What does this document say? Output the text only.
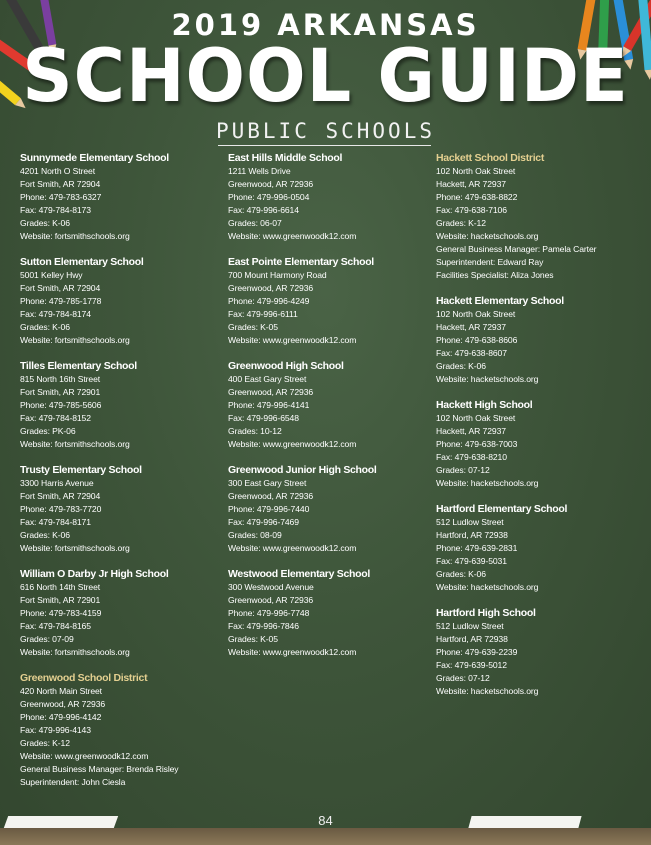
2019 ARKANSAS
SCHOOL GUIDE
PUBLIC SCHOOLS
Sunnymede Elementary School
4201 North O Street
Fort Smith, AR 72904
Phone: 479-783-6327
Fax: 479-784-8173
Grades: K-06
Website: fortsmithschools.org
Sutton Elementary School
5001 Kelley Hwy
Fort Smith, AR 72904
Phone: 479-785-1778
Fax: 479-784-8174
Grades: K-06
Website: fortsmithschools.org
Tilles Elementary School
815 North 16th Street
Fort Smith, AR 72901
Phone: 479-785-5606
Fax: 479-784-8152
Grades: PK-06
Website: fortsmithschools.org
Trusty Elementary School
3300 Harris Avenue
Fort Smith, AR 72904
Phone: 479-783-7720
Fax: 479-784-8171
Grades: K-06
Website: fortsmithschools.org
William O Darby Jr High School
616 North 14th Street
Fort Smith, AR 72901
Phone: 479-783-4159
Fax: 479-784-8165
Grades: 07-09
Website: fortsmithschools.org
Greenwood School District
420 North Main Street
Greenwood, AR 72936
Phone: 479-996-4142
Fax: 479-996-4143
Grades: K-12
Website: www.greenwoodk12.com
General Business Manager: Brenda Risley
Superintendent: John Ciesla
East Hills Middle School
1211 Wells Drive
Greenwood, AR 72936
Phone: 479-996-0504
Fax: 479-996-6614
Grades: 06-07
Website: www.greenwoodk12.com
East Pointe Elementary School
700 Mount Harmony Road
Greenwood, AR 72936
Phone: 479-996-4249
Fax: 479-996-6111
Grades: K-05
Website: www.greenwoodk12.com
Greenwood High School
400 East Gary Street
Greenwood, AR 72936
Phone: 479-996-4141
Fax: 479-996-6548
Grades: 10-12
Website: www.greenwoodk12.com
Greenwood Junior High School
300 East Gary Street
Greenwood, AR 72936
Phone: 479-996-7440
Fax: 479-996-7469
Grades: 08-09
Website: www.greenwoodk12.com
Westwood Elementary School
300 Westwood Avenue
Greenwood, AR 72936
Phone: 479-996-7748
Fax: 479-996-7846
Grades: K-05
Website: www.greenwoodk12.com
Hackett School District
102 North Oak Street
Hackett, AR 72937
Phone: 479-638-8822
Fax: 479-638-7106
Grades: K-12
Website: hacketschools.org
General Business Manager: Pamela Carter
Superintendent: Edward Ray
Facilities Specialist: Aliza Jones
Hackett Elementary School
102 North Oak Street
Hackett, AR 72937
Phone: 479-638-8606
Fax: 479-638-8607
Grades: K-06
Website: hacketschools.org
Hackett High School
102 North Oak Street
Hackett, AR 72937
Phone: 479-638-7003
Fax: 479-638-8210
Grades: 07-12
Website: hacketschools.org
Hartford Elementary School
512 Ludlow Street
Hartford, AR 72938
Phone: 479-639-2831
Fax: 479-639-5031
Grades: K-06
Website: hacketschools.org
Hartford High School
512 Ludlow Street
Hartford, AR 72938
Phone: 479-639-2239
Fax: 479-639-5012
Grades: 07-12
Website: hacketschools.org
84
